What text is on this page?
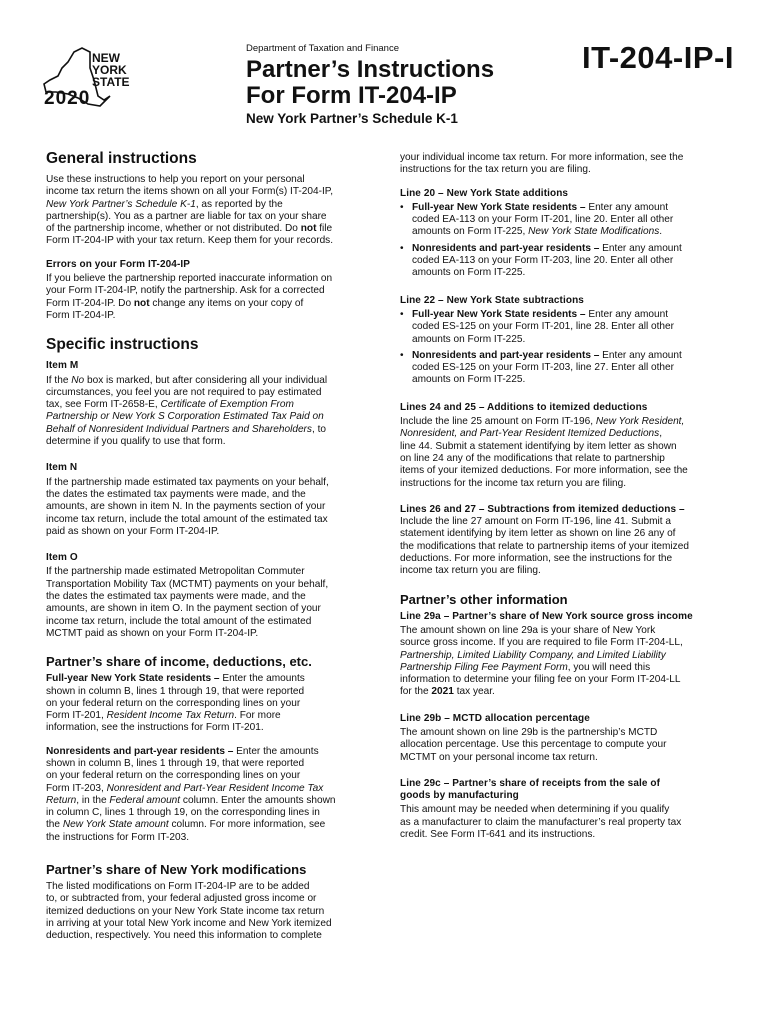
NEW
YORK
STATE
2020
Department of Taxation and Finance
Partner’s Instructions
For Form IT-204-IP
IT-204-IP-I
New York Partner’s Schedule K-1
General instructions

Use these instructions to help you report on your personal
income tax return the items shown on all your Form(s) IT-204-IP,
New York Partner’s Schedule K-1, as reported by the
partnership(s). You as a partner are liable for tax on your share
of the partnership income, whether or not distributed. Do not file
Form IT-204-IP with your tax return. Keep them for your records.

Errors on your Form IT-204-IP

If you believe the partnership reported inaccurate information on
your Form IT-204-IP, notify the partnership. Ask for a corrected
Form IT-204-IP. Do not change any items on your copy of
Form IT-204-IP.

Specific instructions
Item M

If the No box is marked, but after considering all your individual
circumstances, you feel you are not required to pay estimated
tax, see Form IT-2658-E, Certificate of Exemption From
Partnership or New York S Corporation Estimated Tax Paid on
Behalf of Nonresident Individual Partners and Shareholders, to
determine if you qualify to use that form.

Item N

If the partnership made estimated tax payments on your behalf,
the dates the estimated tax payments were made, and the
amounts, are shown in item N. In the payments section of your
income tax return, include the total amount of the estimated tax
paid as shown on your Form IT-204-IP.

Item O

If the partnership made estimated Metropolitan Commuter
Transportation Mobility Tax (MCTMT) payments on your behalf,
the dates the estimated tax payments were made, and the
amounts, are shown in item O. In the payment section of your
income tax return, include the total amount of the estimated
MCTMT paid as shown on your Form IT-204-IP.

Partner’s share of income, deductions, etc.

Full-year New York State residents – Enter the amounts
shown in column B, lines 1 through 19, that were reported
on your federal return on the corresponding lines on your
Form IT-201, Resident Income Tax Return. For more
information, see the instructions for Form IT-201.

Nonresidents and part-year residents – Enter the amounts
shown in column B, lines 1 through 19, that were reported
on your federal return on the corresponding lines on your
Form IT-203, Nonresident and Part-Year Resident Income Tax
Return, in the Federal amount column. Enter the amounts shown
in column C, lines 1 through 19, on the corresponding lines in
the New York State amount column. For more information, see
the instructions for Form IT-203.

Partner’s share of New York modifications

The listed modifications on Form IT-204-IP are to be added
to, or subtracted from, your federal adjusted gross income or
itemized deductions on your New York State income tax return
in arriving at your total New York income and New York itemized
deduction, respectively. You need this information to complete

your individual income tax return. For more information, see the
instructions for the tax return you are filing.

Line 20 – New York State additions
• Full-year New York State residents – Enter any amount
coded EA-113 on your Form IT-201, line 20. Enter all other
amounts on Form IT-225, New York State Modifications.
• Nonresidents and part-year residents – Enter any amount
coded EA-113 on your Form IT-203, line 20. Enter all other
amounts on Form IT-225.
Line 22 – New York State subtractions
• Full-year New York State residents – Enter any amount
coded ES-125 on your Form IT-201, line 28. Enter all other
amounts on Form IT-225.
• Nonresidents and part-year residents – Enter any amount
coded ES-125 on your Form IT-203, line 27. Enter all other
amounts on Form IT-225.
Lines 24 and 25 – Additions to itemized deductions

Include the line 25 amount on Form IT-196, New York Resident,
Nonresident, and Part-Year Resident Itemized Deductions,
line 44. Submit a statement identifying by item letter as shown
on line 24 any of the modifications that relate to partnership
items of your itemized deductions. For more information, see the
instructions for the income tax return you are filing.

Lines 26 and 27 – Subtractions from itemized deductions –

Include the line 27 amount on Form IT-196, line 41. Submit a
statement identifying by item letter as shown on line 26 any of
the modifications that relate to partnership items of your itemized
deductions. For more information, see the instructions for the
income tax return you are filing.

Partner’s other information
Line 29a – Partner’s share of New York source gross income

The amount shown on line 29a is your share of New York
source gross income. If you are required to file Form IT-204-LL,
Partnership, Limited Liability Company, and Limited Liability
Partnership Filing Fee Payment Form, you will need this
information to determine your filing fee on your Form IT-204-LL
for the 2021 tax year.

Line 29b – MCTD allocation percentage

The amount shown on line 29b is the partnership’s MCTD
allocation percentage. Use this percentage to compute your
MCTMT on your personal income tax return.

Line 29c – Partner’s share of receipts from the sale of
goods by manufacturing

This amount may be needed when determining if you qualify
as a manufacturer to claim the manufacturer’s real property tax
credit. See Form IT-641 and its instructions.
